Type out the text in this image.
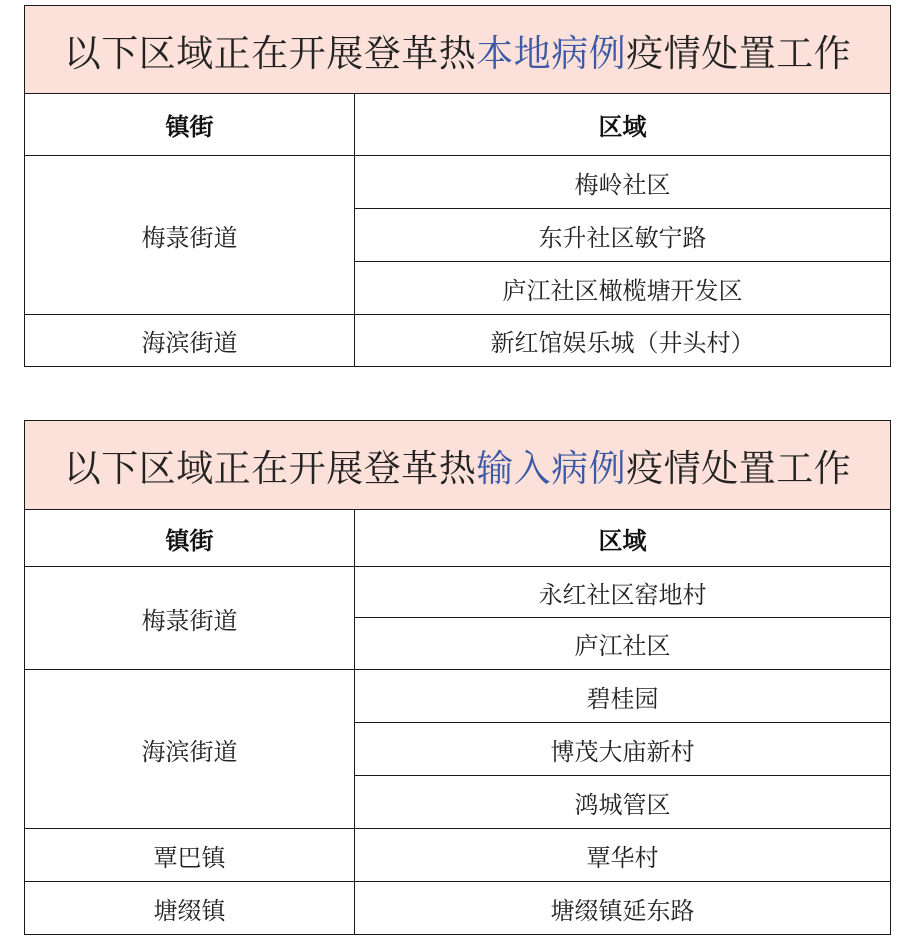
以下区域正在开展登革热本地病例疫情处置工作	
镇街	区域
梅菉街道	梅岭社区
	东升社区敏宁路
	庐江社区橄榄塘开发区
海滨街道	新红馆娱乐城（井头村）
以下区域正在开展登革热输入病例疫情处置工作	
镇街	区域
梅菉街道	永红社区窑地村
	庐江社区
海滨街道	碧桂园
	博茂大庙新村
	鸿城管区
覃巴镇	覃华村
塘缀镇	塘缀镇延东路
